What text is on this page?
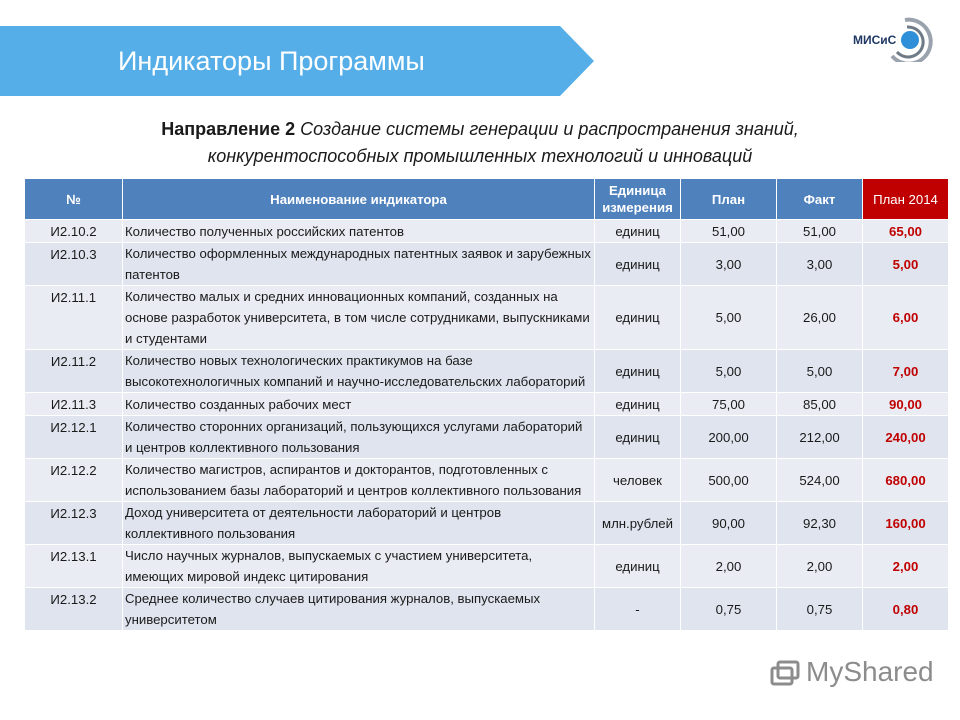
Индикаторы Программы
МИСиС
Направление 2 Создание системы генерации и распространения знаний,
конкурентоспособных промышленных технологий и инноваций
№	Наименование индикатора	Единица измерения	План	Факт	План 2014
И2.10.2	Количество полученных российских патентов	единиц	51,00	51,00	65,00
И2.10.3	Количество оформленных международных патентных заявок и зарубежных патентов	единиц	3,00	3,00	5,00
И2.11.1	Количество малых и средних инновационных компаний, созданных на основе разработок университета, в том числе сотрудниками, выпускниками и студентами	единиц	5,00	26,00	6,00
И2.11.2	Количество новых технологических практикумов на базе высокотехнологичных компаний и научно-исследовательских лабораторий	единиц	5,00	5,00	7,00
И2.11.3	Количество созданных рабочих мест	единиц	75,00	85,00	90,00
И2.12.1	Количество сторонних организаций, пользующихся услугами лабораторий и центров коллективного пользования	единиц	200,00	212,00	240,00
И2.12.2	Количество магистров, аспирантов и докторантов, подготовленных с использованием базы лабораторий и центров коллективного пользования	человек	500,00	524,00	680,00
И2.12.3	Доход университета от деятельности лабораторий и центров коллективного пользования	млн.рублей	90,00	92,30	160,00
И2.13.1	Число научных журналов, выпускаемых с участием университета, имеющих мировой индекс цитирования	единиц	2,00	2,00	2,00
И2.13.2	Среднее количество случаев цитирования журналов, выпускаемых университетом	-	0,75	0,75	0,80
MyShared
